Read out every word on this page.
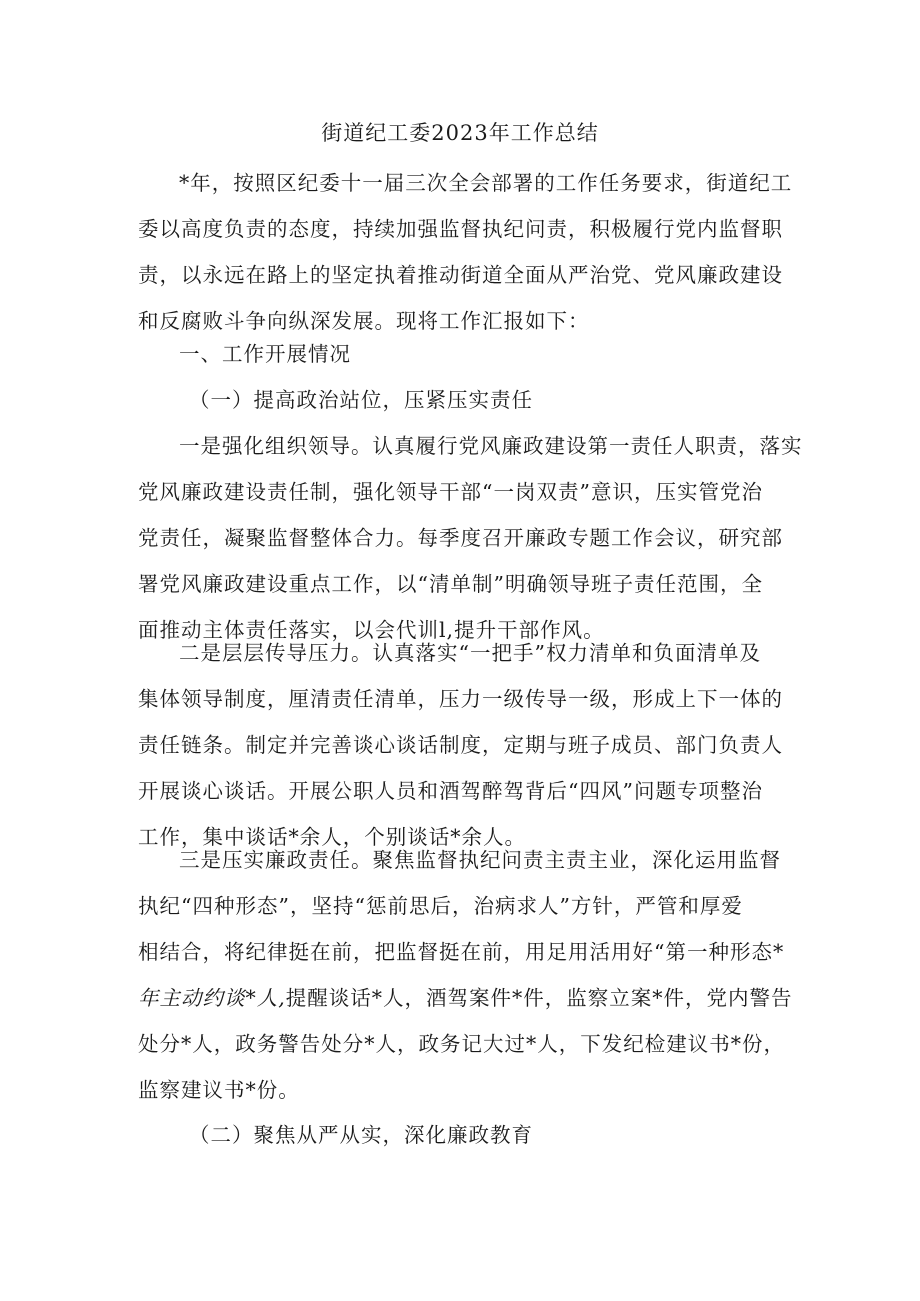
街道纪工委2023年工作总结
*年，按照区纪委十一届三次全会部署的工作任务要求，街道纪工
委以高度负责的态度，持续加强监督执纪问责，积极履行党内监督职
责，以永远在路上的坚定执着推动街道全面从严治党、党风廉政建设
和反腐败斗争向纵深发展。现将工作汇报如下：
一、工作开展情况
（一）提高政治站位，压紧压实责任
一是强化组织领导。认真履行党风廉政建设第一责任人职责，落实
党风廉政建设责任制，强化领导干部“一岗双责”意识，压实管党治
党责任，凝聚监督整体合力。每季度召开廉政专题工作会议，研究部
署党风廉政建设重点工作，以“清单制”明确领导班子责任范围，全
面推动主体责任落实，以会代训l,提升干部作风。
二是层层传导压力。认真落实“一把手”权力清单和负面清单及
集体领导制度，厘清责任清单，压力一级传导一级，形成上下一体的
责任链条。制定并完善谈心谈话制度，定期与班子成员、部门负责人
开展谈心谈话。开展公职人员和酒驾醉驾背后“四风”问题专项整治
工作，集中谈话*余人，个别谈话*余人。
三是压实廉政责任。聚焦监督执纪问责主责主业，深化运用监督
执纪“四种形态”，坚持“惩前思后，治病求人”方针，严管和厚爱
相结合，将纪律挺在前，把监督挺在前，用足用活用好“第一种形态*
年主动约谈*人,提醒谈话*人，酒驾案件*件，监察立案*件，党内警告
处分*人，政务警告处分*人，政务记大过*人，下发纪检建议书*份，
监察建议书*份。
（二）聚焦从严从实，深化廉政教育
